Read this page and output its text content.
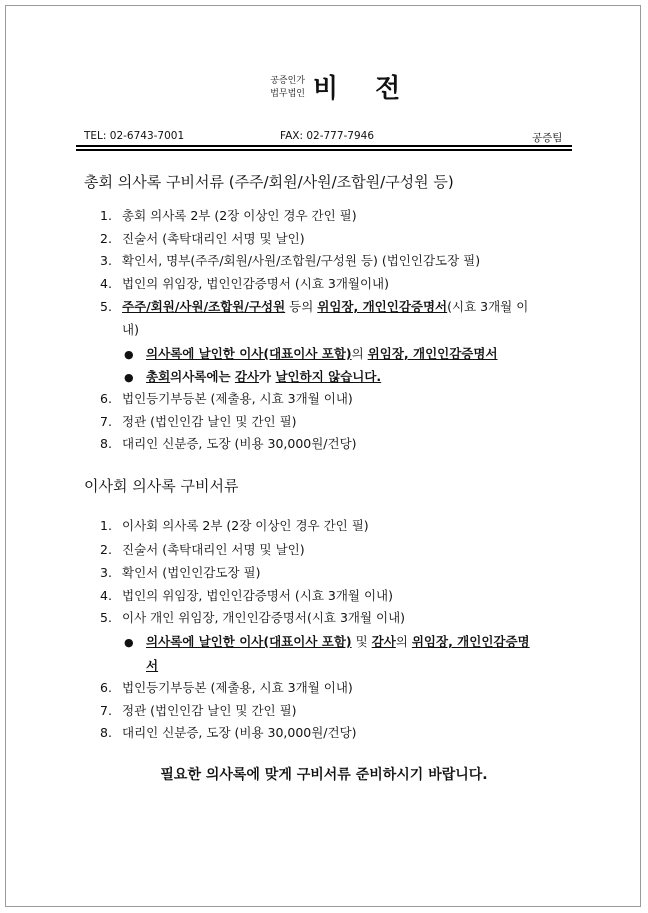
공증인가
법무법인 비 전
TEL: 02-6743-7001	FAX: 02-777-7946	공증팀
총회 의사록 구비서류 (주주/회원/사원/조합원/구성원 등)
1. 총회 의사록 2부 (2장 이상인 경우 간인 필)
2. 진술서 (촉탁대리인 서명 및 날인)
3. 확인서, 명부(주주/회원/사원/조합원/구성원 등) (법인인감도장 필)
4. 법인의 위임장, 법인인감증명서 (시효 3개월이내)
5. 주주/회원/사원/조합원/구성원 등의 위임장, 개인인감증명서(시효 3개월 이
내)
● 의사록에 날인한 이사(대표이사 포함)의 위임장, 개인인감증명서
● 총회의사록에는 감사가 날인하지 않습니다.
6. 법인등기부등본 (제출용, 시효 3개월 이내)
7. 정관 (법인인감 날인 및 간인 필)
8. 대리인 신분증, 도장 (비용 30,000원/건당)
이사회 의사록 구비서류
1. 이사회 의사록 2부 (2장 이상인 경우 간인 필)
2. 진술서 (촉탁대리인 서명 및 날인)
3. 확인서 (법인인감도장 필)
4. 법인의 위임장, 법인인감증명서 (시효 3개월 이내)
5. 이사 개인 위임장, 개인인감증명서(시효 3개월 이내)
● 의사록에 날인한 이사(대표이사 포함) 및 감사의 위임장, 개인인감증명
서
6. 법인등기부등본 (제출용, 시효 3개월 이내)
7. 정관 (법인인감 날인 및 간인 필)
8. 대리인 신분증, 도장 (비용 30,000원/건당)
필요한 의사록에 맞게 구비서류 준비하시기 바랍니다.
